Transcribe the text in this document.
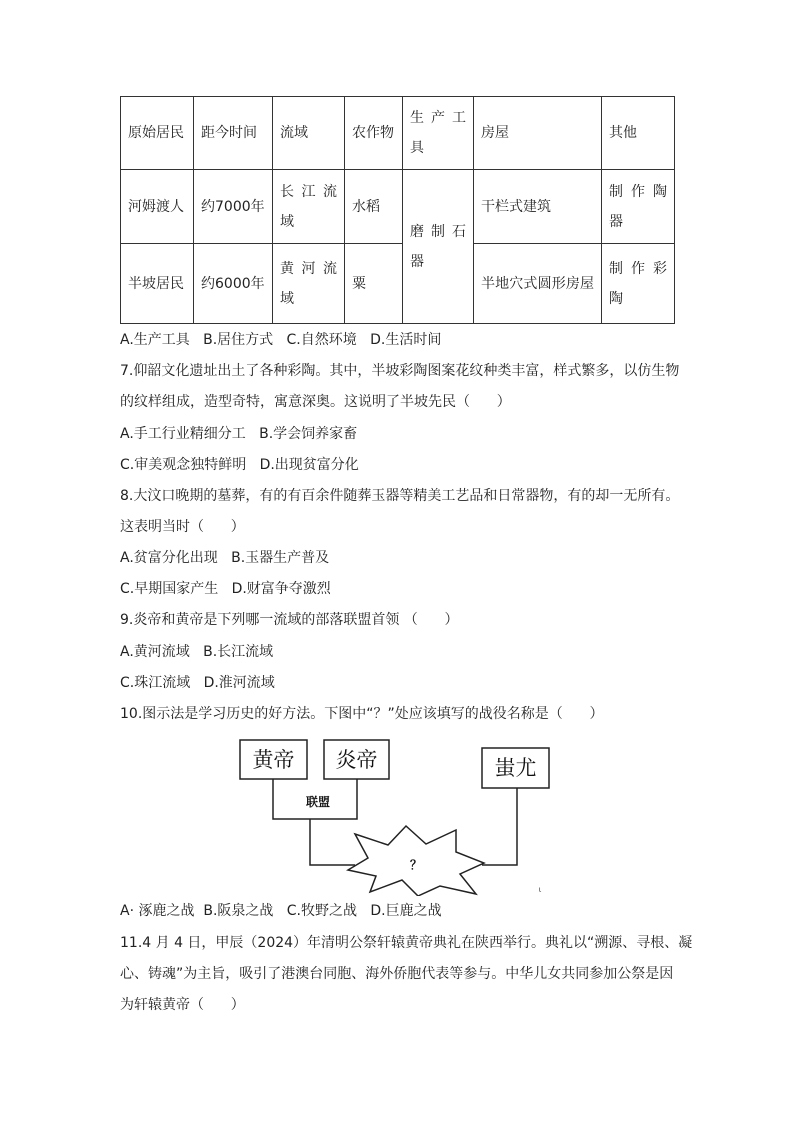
原始居民	距今时间	流域	农作物	生 产 工 具	房屋	其他
河姆渡人	约7000年	长 江 流 域	水稻	磨 制 石 器	干栏式建筑	制 作 陶 器
半坡居民	约6000年	黄 河 流 域	粟		半地穴式圆形房屋	制 作 彩 陶
A.生产工具   B.居住方式   C.自然环境   D.生活时间
7.仰韶文化遗址出土了各种彩陶。其中，半坡彩陶图案花纹种类丰富，样式繁多，以仿生物
的纹样组成，造型奇特，寓意深奥。这说明了半坡先民（      ）
A.手工行业精细分工   B.学会饲养家畜
C.审美观念独特鲜明   D.出现贫富分化
8.大汶口晚期的墓葬，有的有百余件随葬玉器等精美工艺品和日常器物，有的却一无所有。
这表明当时（      ）
A.贫富分化出现   B.玉器生产普及
C.早期国家产生   D.财富争夺激烈
9.炎帝和黄帝是下列哪一流域的部落联盟首领 （      ）
A.黄河流域   B.长江流域
C.珠江流域   D.淮河流域
10.图示法是学习历史的好方法。下图中“？”处应该填写的战役名称是（      ）
黄帝 炎帝	蚩尤
联盟
？
ι
A· 涿鹿之战  B.阪泉之战   C.牧野之战   D.巨鹿之战
11.4 月 4 日，甲辰（2024）年清明公祭轩辕黄帝典礼在陕西举行。典礼以“溯源、寻根、凝
心、铸魂”为主旨，吸引了港澳台同胞、海外侨胞代表等参与。中华儿女共同参加公祭是因
为轩辕黄帝（      ）
